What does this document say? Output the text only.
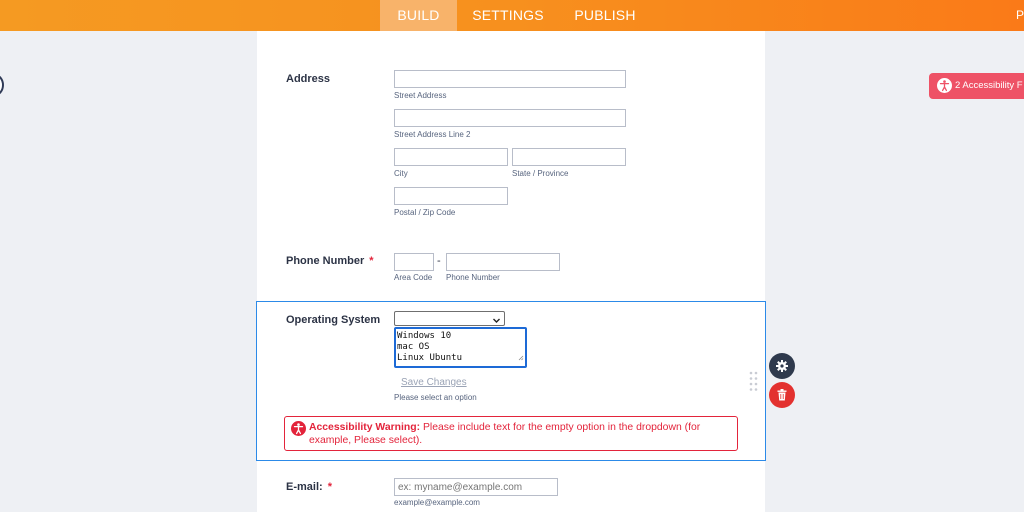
BUILD	SETTINGS	PUBLISH	P
2 Accessibility F
Address
Street Address
Street Address Line 2
City	State / Province
Postal / Zip Code
Phone Number *	-
Area Code Phone Number
Operating System
Windows 10
mac OS
Linux Ubuntu
Save Changes
Please select an option
Accessibility Warning: Please include text for the empty option in the dropdown (for example, Please select).
E-mail: *
ex: myname@example.com
example@example.com
